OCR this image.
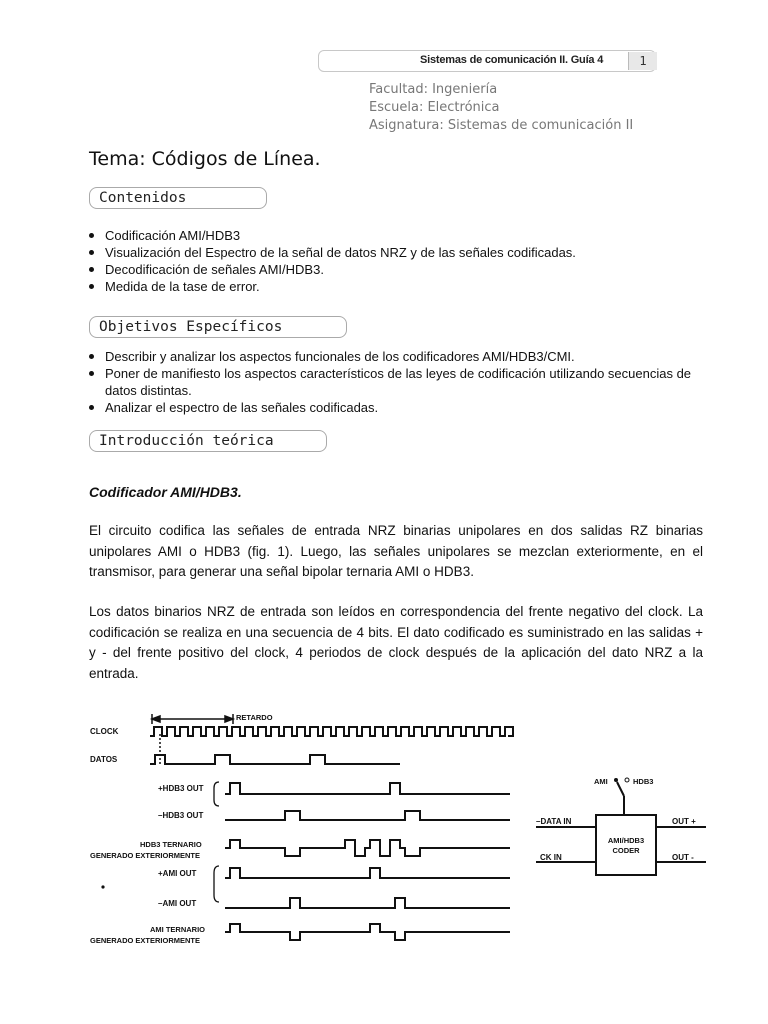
Sistemas de comunicación II. Guía 4	1
Facultad: Ingeniería
Escuela: Electrónica
Asignatura: Sistemas de comunicación II
Tema: Códigos de Línea.
Contenidos
Codificación AMI/HDB3
Visualización del Espectro de la señal de datos NRZ y de las señales codificadas.
Decodificación de señales AMI/HDB3.
Medida de la tase de error.
Objetivos Específicos
Describir y analizar los aspectos funcionales de los codificadores AMI/HDB3/CMI.
Poner de manifiesto los aspectos característicos de las leyes de codificación utilizando secuencias de datos distintas.
Analizar el espectro de las señales codificadas.
Introducción teórica
Codificador AMI/HDB3.
El circuito codifica las señales de entrada NRZ binarias unipolares en dos salidas RZ binarias unipolares AMI o HDB3 (fig. 1). Luego, las señales unipolares se mezclan exteriormente, en el transmisor, para generar una señal bipolar ternaria AMI o HDB3.
Los datos binarios NRZ de entrada son leídos en correspondencia del frente negativo del clock. La codificación se realiza en una secuencia de 4 bits. El dato codificado es suministrado en las salidas + y - del frente positivo del clock, 4 periodos de clock después de la aplicación del dato NRZ a la entrada.
RETARDO
CLOCK
DATOS
+HDB3 OUT
–HDB3 OUT
HDB3 TERNARIO
GENERADO EXTERIORMENTE
+AMI OUT
–AMI OUT
AMI TERNARIO
GENERADO EXTERIORMENTE
AMI	HDB3
–DATA IN
CK IN
OUT +
OUT -
AMI/HDB3
CODER
